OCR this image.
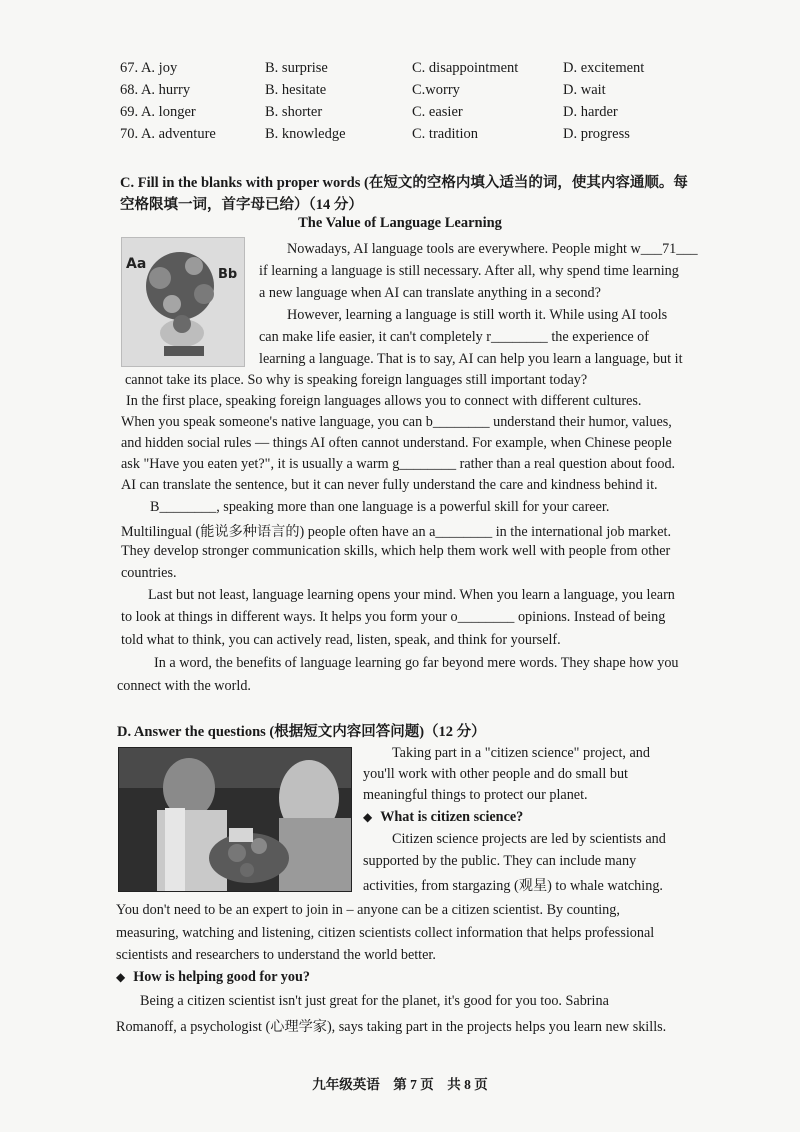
67. A. joy	B. surprise	C. disappointment	D. excitement
68. A. hurry	B. hesitate	C.worry	D. wait
69. A. longer	B. shorter	C. easier	D. harder
70. A. adventure	B. knowledge	C. tradition	D. progress
C. Fill in the blanks with proper words (在短文的空格内填入适当的词，使其内容通顺。每
空格限填一词，首字母已给）（14 分）
The Value of Language Learning
Aa
Bb
Nowadays, AI language tools are everywhere. People might w___71___
if learning a language is still necessary. After all, why spend time learning
a new language when AI can translate anything in a second?
However, learning a language is still worth it. While using AI tools
can make life easier, it can't completely r________ the experience of
learning a language. That is to say, AI can help you learn a language, but it
cannot take its place. So why is speaking foreign languages still important today?
In the first place, speaking foreign languages allows you to connect with different cultures.
When you speak someone's native language, you can b________ understand their humor, values,
and hidden social rules — things AI often cannot understand. For example, when Chinese people
ask "Have you eaten yet?", it is usually a warm g________ rather than a real question about food.
AI can translate the sentence, but it can never fully understand the care and kindness behind it.
B________, speaking more than one language is a powerful skill for your career.
Multilingual (能说多种语言的) people often have an a________ in the international job market.
They develop stronger communication skills, which help them work well with people from other
countries.
Last but not least, language learning opens your mind. When you learn a language, you learn
to look at things in different ways. It helps you form your o________ opinions. Instead of being
told what to think, you can actively read, listen, speak, and think for yourself.
In a word, the benefits of language learning go far beyond mere words. They shape how you
connect with the world.
D. Answer the questions (根据短文内容回答问题)（12 分）
Taking part in a "citizen science" project, and
you'll work with other people and do small but
meaningful things to protect our planet.
◆ What is citizen science?
Citizen science projects are led by scientists and
supported by the public. They can include many
activities, from stargazing (观星) to whale watching.
You don't need to be an expert to join in – anyone can be a citizen scientist. By counting,
measuring, watching and listening, citizen scientists collect information that helps professional
scientists and researchers to understand the world better.
◆ How is helping good for you?
Being a citizen scientist isn't just great for the planet, it's good for you too. Sabrina
Romanoff, a psychologist (心理学家), says taking part in the projects helps you learn new skills.
九年级英语　第 7 页　共 8 页
